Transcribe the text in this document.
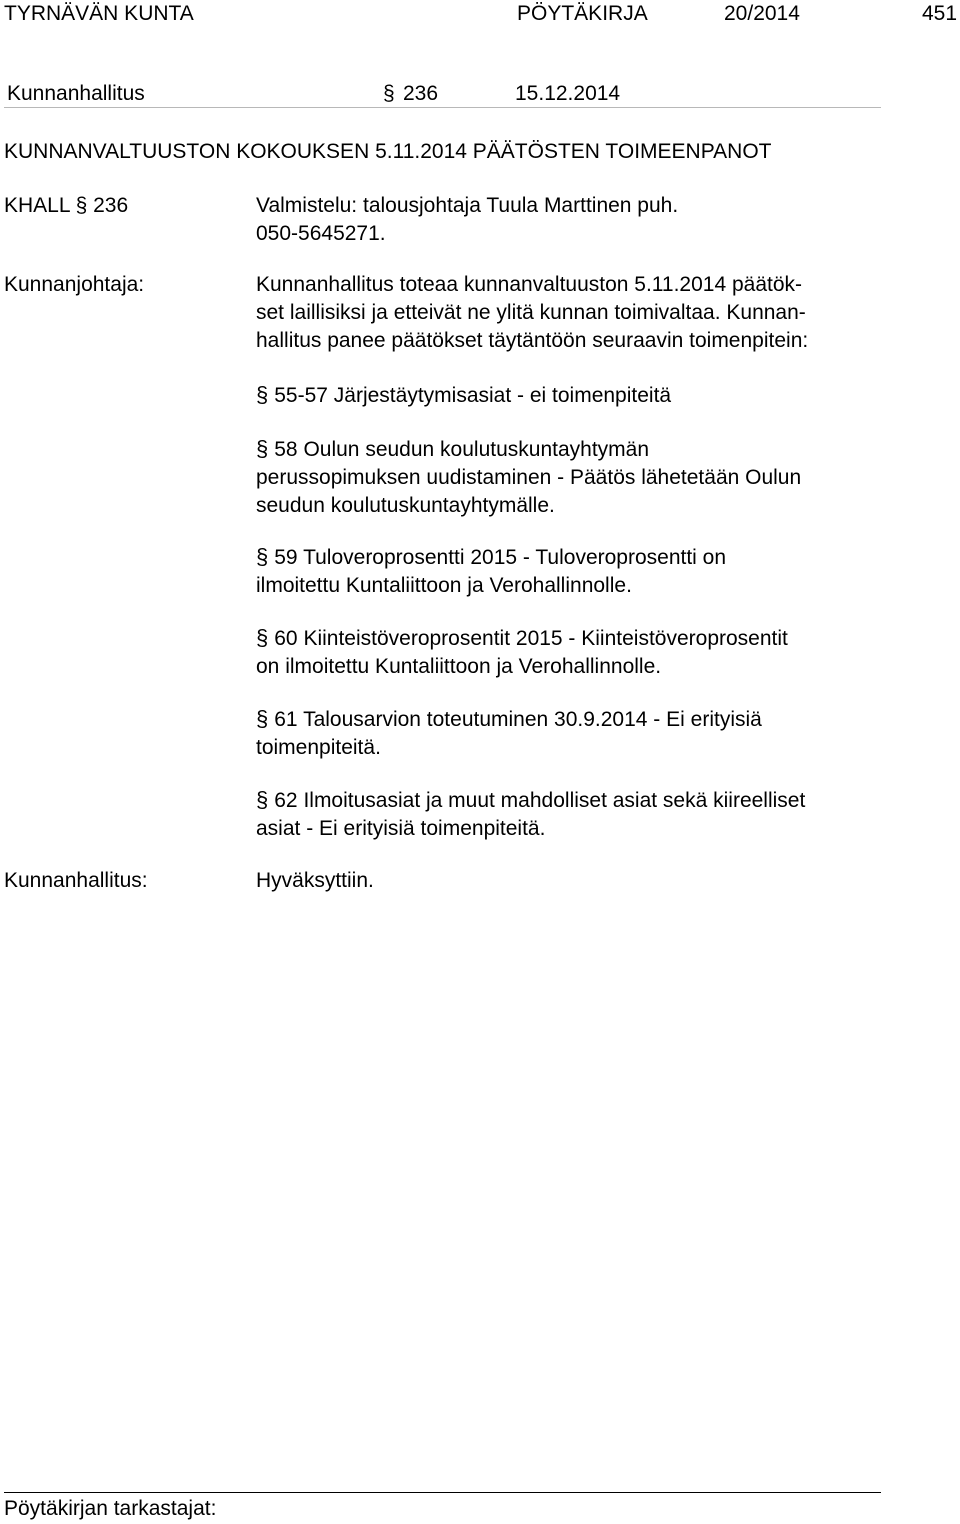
TYRNÄVÄN KUNTA	PÖYTÄKIRJA	20/2014	451
Kunnanhallitus	§ 236	15.12.2014
KUNNANVALTUUSTON KOKOUKSEN 5.11.2014 PÄÄTÖSTEN TOIMEENPANOT
KHALL § 236	Valmistelu: talousjohtaja Tuula Marttinen puh.
050-5645271.
Kunnanjohtaja:	Kunnanhallitus toteaa kunnanvaltuuston 5.11.2014 päätök-
set laillisiksi ja etteivät ne ylitä kunnan toimivaltaa. Kunnan-
hallitus panee päätökset täytäntöön seuraavin toimenpitein:
§ 55-57 Järjestäytymisasiat - ei toimenpiteitä
§ 58 Oulun seudun koulutuskuntayhtymän
perussopimuksen uudistaminen - Päätös lähetetään Oulun
seudun koulutuskuntayhtymälle.
§ 59 Tuloveroprosentti 2015 - Tuloveroprosentti on
ilmoitettu Kuntaliittoon ja Verohallinnolle.
§ 60 Kiinteistöveroprosentit 2015 - Kiinteistöveroprosentit
on ilmoitettu Kuntaliittoon ja Verohallinnolle.
§ 61 Talousarvion toteutuminen 30.9.2014 - Ei erityisiä
toimenpiteitä.
§ 62 Ilmoitusasiat ja muut mahdolliset asiat sekä kiireelliset
asiat - Ei erityisiä toimenpiteitä.
Kunnanhallitus:	Hyväksyttiin.
Pöytäkirjan tarkastajat:
